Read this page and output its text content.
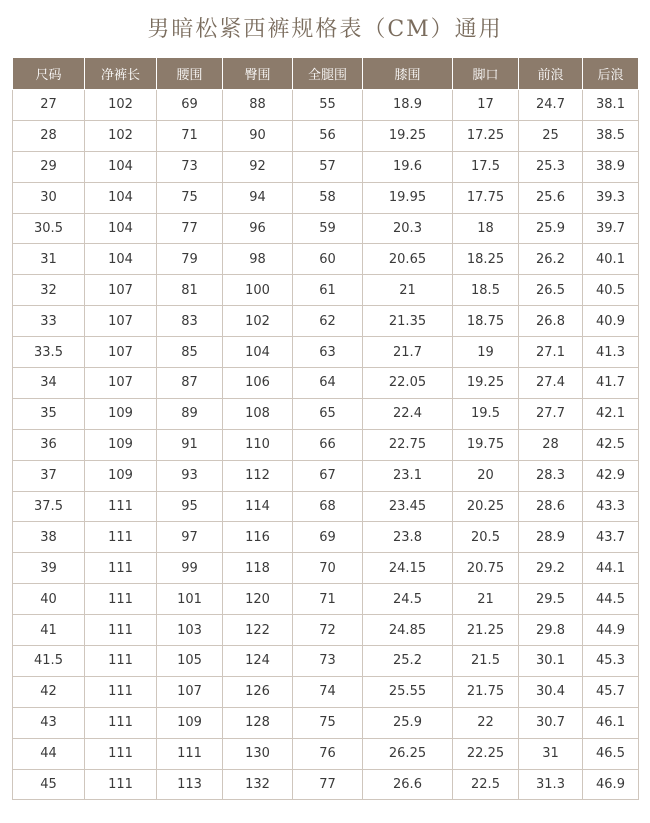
男暗松紧西裤规格表（CM）通用
尺码	净裤长	腰围	臀围	全腿围	膝围	脚口	前浪	后浪
27	102	69	88	55	18.9	17	24.7	38.1
28	102	71	90	56	19.25	17.25	25	38.5
29	104	73	92	57	19.6	17.5	25.3	38.9
30	104	75	94	58	19.95	17.75	25.6	39.3
30.5	104	77	96	59	20.3	18	25.9	39.7
31	104	79	98	60	20.65	18.25	26.2	40.1
32	107	81	100	61	21	18.5	26.5	40.5
33	107	83	102	62	21.35	18.75	26.8	40.9
33.5	107	85	104	63	21.7	19	27.1	41.3
34	107	87	106	64	22.05	19.25	27.4	41.7
35	109	89	108	65	22.4	19.5	27.7	42.1
36	109	91	110	66	22.75	19.75	28	42.5
37	109	93	112	67	23.1	20	28.3	42.9
37.5	111	95	114	68	23.45	20.25	28.6	43.3
38	111	97	116	69	23.8	20.5	28.9	43.7
39	111	99	118	70	24.15	20.75	29.2	44.1
40	111	101	120	71	24.5	21	29.5	44.5
41	111	103	122	72	24.85	21.25	29.8	44.9
41.5	111	105	124	73	25.2	21.5	30.1	45.3
42	111	107	126	74	25.55	21.75	30.4	45.7
43	111	109	128	75	25.9	22	30.7	46.1
44	111	111	130	76	26.25	22.25	31	46.5
45	111	113	132	77	26.6	22.5	31.3	46.9
